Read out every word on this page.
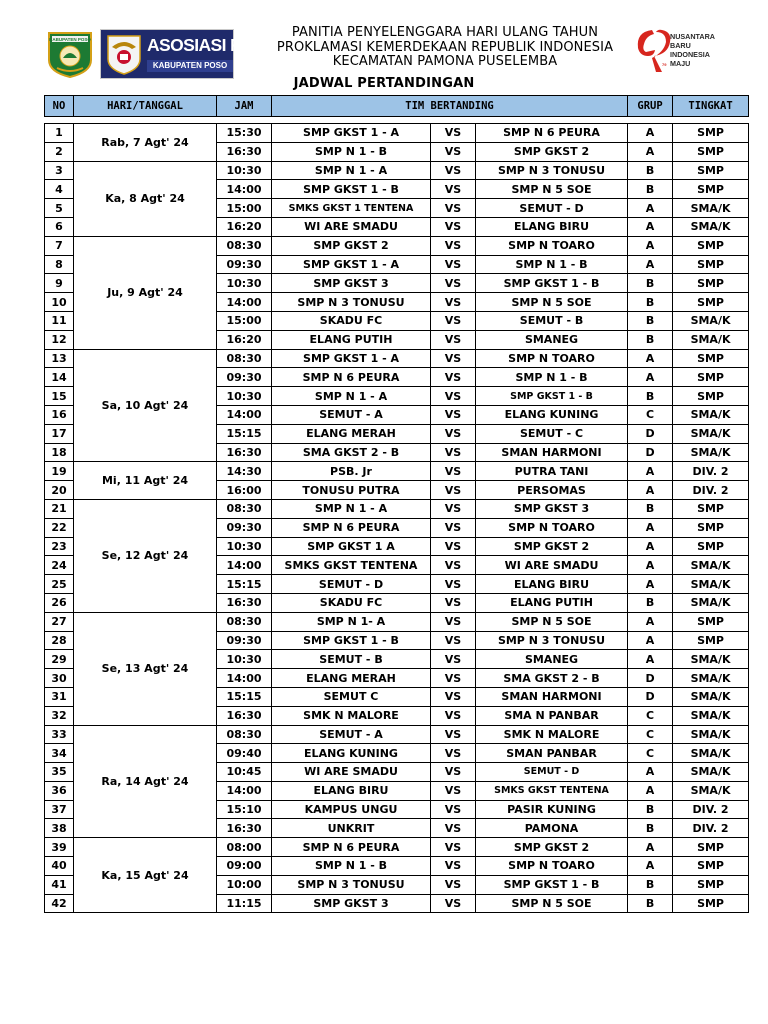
KABUPATEN POSO	ASOSIASI PSSI
KABUPATEN POSO
PANITIA PENYELENGGARA HARI ULANG TAHUN
PROKLAMASI KEMERDEKAAN REPUBLIK INDONESIA
KECAMATAN PAMONA PUSELEMBA	79
NUSANTARA
BARU
INDONESIA
MAJU
JADWAL PERTANDINGAN
NO	HARI/TANGGAL	JAM	TIM BERTANDING			GRUP	TINGKAT

1	Rab, 7 Agt' 24	15:30	SMP GKST 1 - A	VS	SMP N 6 PEURA	A	SMP
2		16:30	SMP N 1 - B	VS	SMP GKST 2	A	SMP
3	Ka, 8 Agt' 24	10:30	SMP N 1 - A	VS	SMP N 3 TONUSU	B	SMP
4		14:00	SMP GKST 1 - B	VS	SMP N 5 SOE	B	SMP
5		15:00	SMKS GKST 1 TENTENA	VS	SEMUT - D	A	SMA/K
6		16:20	WI ARE SMADU	VS	ELANG BIRU	A	SMA/K
7	Ju, 9 Agt' 24	08:30	SMP GKST 2	VS	SMP N TOARO	A	SMP
8		09:30	SMP GKST 1 - A	VS	SMP N 1 - B	A	SMP
9		10:30	SMP GKST 3	VS	SMP GKST 1 - B	B	SMP
10		14:00	SMP N 3 TONUSU	VS	SMP N 5 SOE	B	SMP
11		15:00	SKADU FC	VS	SEMUT - B	B	SMA/K
12		16:20	ELANG PUTIH	VS	SMANEG	B	SMA/K
13	Sa, 10 Agt' 24	08:30	SMP GKST 1 - A	VS	SMP N TOARO	A	SMP
14		09:30	SMP N 6 PEURA	VS	SMP N 1 - B	A	SMP
15		10:30	SMP N 1 - A	VS	SMP GKST 1 - B	B	SMP
16		14:00	SEMUT - A	VS	ELANG KUNING	C	SMA/K
17		15:15	ELANG MERAH	VS	SEMUT - C	D	SMA/K
18		16:30	SMA GKST 2 - B	VS	SMAN HARMONI	D	SMA/K
19	Mi, 11 Agt' 24	14:30	PSB. Jr	VS	PUTRA TANI	A	DIV. 2
20		16:00	TONUSU PUTRA	VS	PERSOMAS	A	DIV. 2
21	Se, 12 Agt' 24	08:30	SMP N 1 - A	VS	SMP GKST 3	B	SMP
22		09:30	SMP N 6 PEURA	VS	SMP N TOARO	A	SMP
23		10:30	SMP GKST 1 A	VS	SMP GKST 2	A	SMP
24		14:00	SMKS GKST TENTENA	VS	WI ARE SMADU	A	SMA/K
25		15:15	SEMUT - D	VS	ELANG BIRU	A	SMA/K
26		16:30	SKADU FC	VS	ELANG PUTIH	B	SMA/K
27	Se, 13 Agt' 24	08:30	SMP N 1- A	VS	SMP N 5 SOE	A	SMP
28		09:30	SMP GKST 1 - B	VS	SMP N 3 TONUSU	A	SMP
29		10:30	SEMUT - B	VS	SMANEG	A	SMA/K
30		14:00	ELANG MERAH	VS	SMA GKST 2 - B	D	SMA/K
31		15:15	SEMUT C	VS	SMAN HARMONI	D	SMA/K
32		16:30	SMK N MALORE	VS	SMA N PANBAR	C	SMA/K
33	Ra, 14 Agt' 24	08:30	SEMUT - A	VS	SMK N MALORE	C	SMA/K
34		09:40	ELANG KUNING	VS	SMAN PANBAR	C	SMA/K
35		10:45	WI ARE SMADU	VS	SEMUT - D	A	SMA/K
36		14:00	ELANG BIRU	VS	SMKS GKST TENTENA	A	SMA/K
37		15:10	KAMPUS UNGU	VS	PASIR KUNING	B	DIV. 2
38		16:30	UNKRIT	VS	PAMONA	B	DIV. 2
39	Ka, 15 Agt' 24	08:00	SMP N 6 PEURA	VS	SMP GKST 2	A	SMP
40		09:00	SMP N 1 - B	VS	SMP N TOARO	A	SMP
41		10:00	SMP N 3 TONUSU	VS	SMP GKST 1 - B	B	SMP
42		11:15	SMP GKST 3	VS	SMP N 5 SOE	B	SMP
